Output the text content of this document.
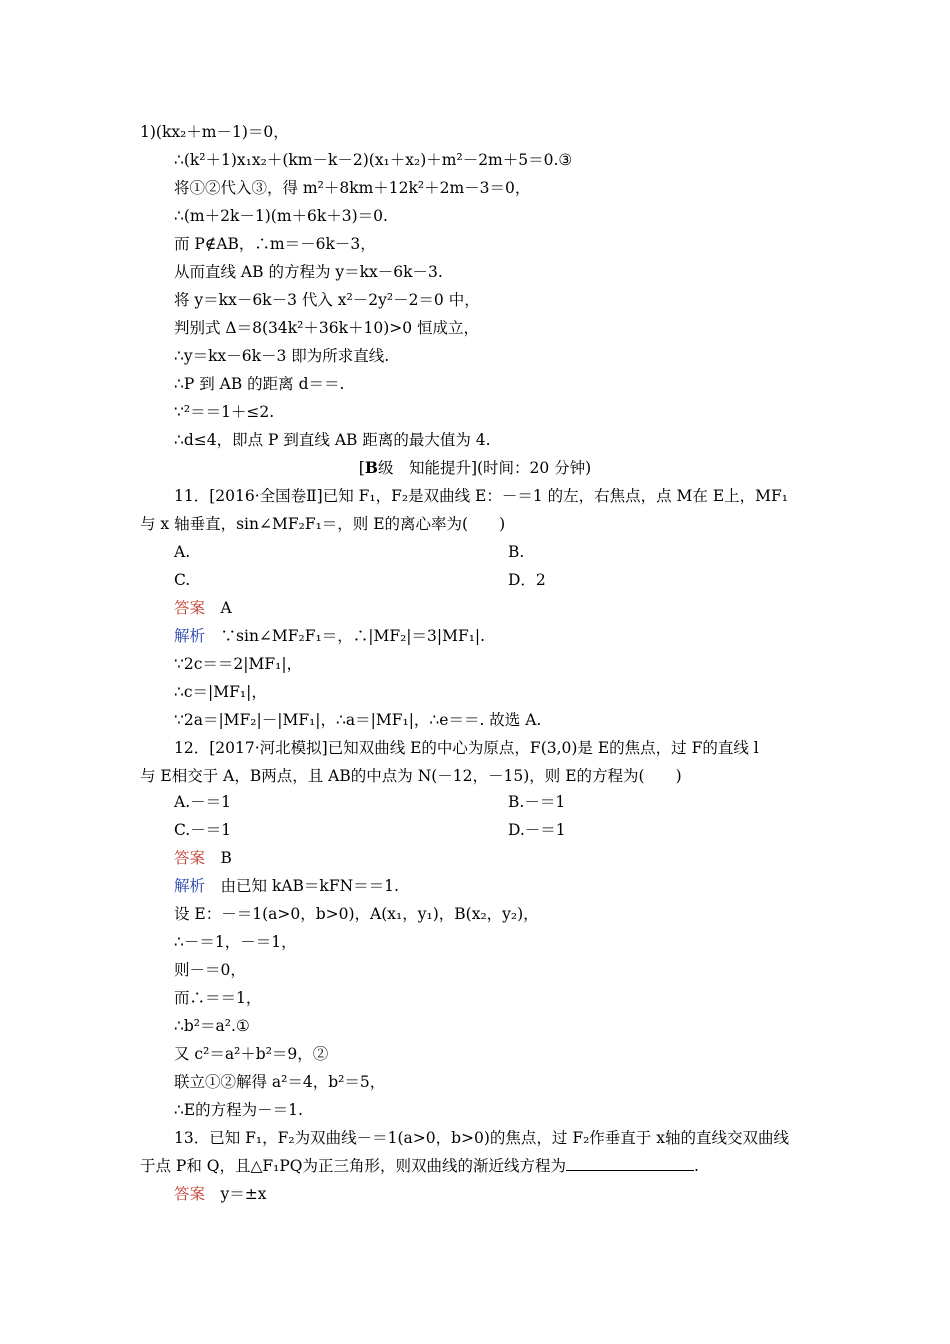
1)(kx₂＋m－1)＝0，
∴(k²＋1)x₁x₂＋(km－k－2)(x₁＋x₂)＋m²－2m＋5＝0.③
将①②代入③，得 m²＋8km＋12k²＋2m－3＝0，
∴(m＋2k－1)(m＋6k＋3)＝0.
而 P∉AB，∴m＝－6k－3，
从而直线 AB 的方程为 y＝kx－6k－3.
将 y＝kx－6k－3 代入 x²－2y²－2＝0 中，
判别式 Δ＝8(34k²＋36k＋10)>0 恒成立，
∴y＝kx－6k－3 即为所求直线.
∴P 到 AB 的距离 d＝＝.
∵²＝＝1＋≤2.
∴d≤4，即点 P 到直线 AB 距离的最大值为 4.
[B级　知能提升](时间：20 分钟)
11．[2016·全国卷Ⅱ]已知 F₁，F₂是双曲线 E：－＝1 的左，右焦点，点 M在 E上，MF₁
与 x 轴垂直，sin∠MF₂F₁＝，则 E的离心率为(　　)
A.	B.
C.	D．2
答案　 A
解析　 ∵sin∠MF₂F₁＝，∴|MF₂|＝3|MF₁|.
∵2c＝＝2|MF₁|，
∴c＝|MF₁|，
∵2a＝|MF₂|－|MF₁|，∴a＝|MF₁|，∴e＝＝. 故选 A.
12．[2017·河北模拟]已知双曲线 E的中心为原点，F(3,0)是 E的焦点，过 F的直线 l
与 E相交于 A，B两点，且 AB的中点为 N(－12，－15)，则 E的方程为(　　)
A.－＝1	B.－＝1
C.－＝1	D.－＝1
答案　 B
解析　 由已知 kAB＝kFN＝＝1.
设 E：－＝1(a>0，b>0)，A(x₁，y₁)，B(x₂，y₂)，
∴－＝1，－＝1，
则－＝0，
而∴＝＝1，
∴b²＝a².①
又 c²＝a²＋b²＝9，②
联立①②解得 a²＝4，b²＝5，
∴E的方程为－＝1.
13．已知 F₁，F₂为双曲线－＝1(a>0，b>0)的焦点，过 F₂作垂直于 x轴的直线交双曲线
于点 P和 Q，且△F₁PQ为正三角形，则双曲线的渐近线方程为	.
答案　 y＝±x
